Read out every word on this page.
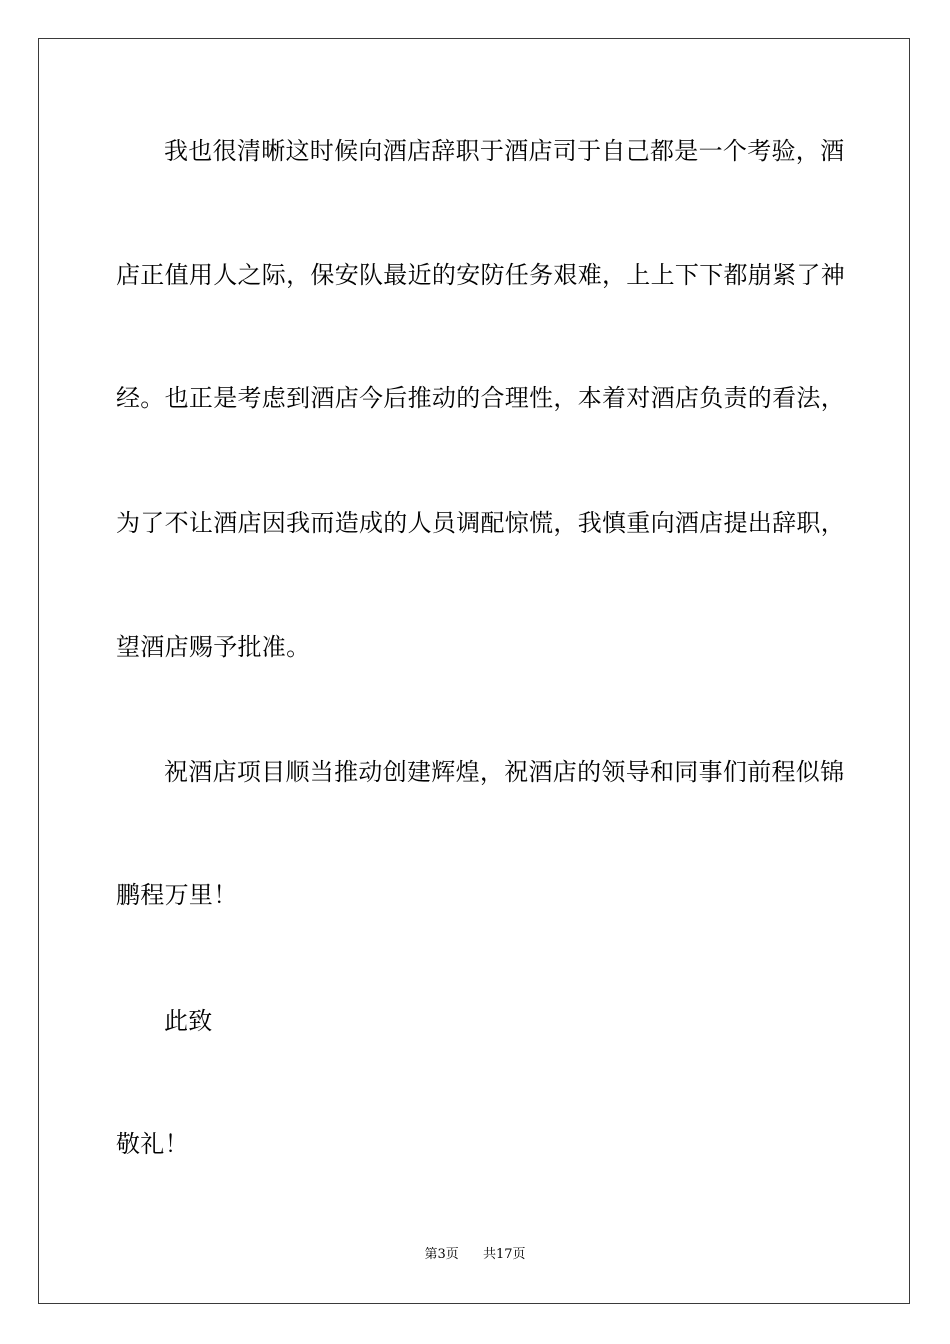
我也很清晰这时候向酒店辞职于酒店司于自己都是一个考验，酒
店正值用人之际，保安队最近的安防任务艰难，上上下下都崩紧了神
经。也正是考虑到酒店今后推动的合理性，本着对酒店负责的看法，
为了不让酒店因我而造成的人员调配惊慌，我慎重向酒店提出辞职，
望酒店赐予批准。
祝酒店项目顺当推动创建辉煌，祝酒店的领导和同事们前程似锦
鹏程万里！
此致
敬礼！
第3页 共17页
